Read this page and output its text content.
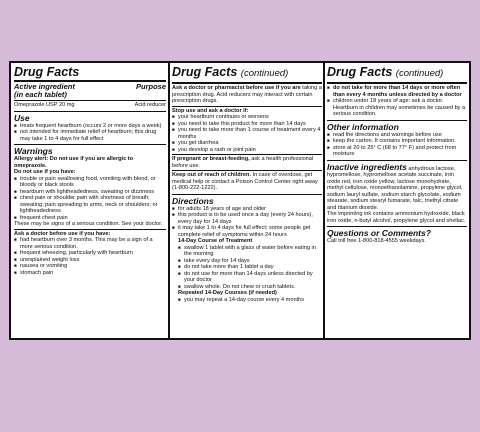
Drug Facts
Active ingredient	Purpose
(in each tablet)
Omeprazole USP 20 mg	Acid reducer
Use
■ treats frequent heartburn (occurs 2 or more days a week)
■ not intended for immediate relief of heartburn; this drug may take 1 to 4 days for full effect
Warnings
Allergy alert: Do not use if you are allergic to omeprazole.
Do not use if you have:
■ trouble or pain swallowing food, vomiting with blood, or bloody or black stools
■ heartburn with lightheadedness, sweating or dizziness
■ chest pain or shoulder pain with shortness of breath; sweating; pain spreading to arms, neck or shoulders; or lightheadedness
■ frequent chest pain
These may be signs of a serious condition. See your doctor.
Ask a doctor before use if you have:
■ had heartburn over 3 months. This may be a sign of a more serious condition.
■ frequent wheezing, particularly with heartburn
■ unexplained weight loss
■ nausea or vomiting
■ stomach pain
Drug Facts (continued)
Ask a doctor or pharmacist before use if you are taking a prescription drug. Acid reducers may interact with certain prescription drugs.
Stop use and ask a doctor if:
■ your heartburn continues or worsens
■ you need to take this product for more than 14 days
■ you need to take more than 1 course of treatment every 4 months
■ you get diarrhea
■ you develop a rash or joint pain
If pregnant or breast-feeding, ask a health professional before use.
Keep out of reach of children. In case of overdose, get medical help or contact a Poison Control Center right away (1-800-222-1222).
Directions
■ for adults 18 years of age and older
■ this product is to be used once a day (every 24 hours), every day for 14 days
■ it may take 1 to 4 days for full effect; some people get complete relief of symptoms within 24 hours
14-Day Course of Treatment
■ swallow 1 tablet with a glass of water before eating in the morning
■ take every day for 14 days
■ do not take more than 1 tablet a day
■ do not use for more than 14 days unless directed by your doctor
■ swallow whole. Do not chew or crush tablets.
Repeated 14-Day Courses (if needed)
■ you may repeat a 14-day course every 4 months
Drug Facts (continued)
■ do not take for more than 14 days or more often than every 4 months unless directed by a doctor
■ children under 18 years of age: ask a doctor. Heartburn in children may sometimes be caused by a serious condition.
Other information
■ read the directions and warnings before use
■ keep the carton. It contains important information.
■ store at 20 to 25° C (68 to 77° F) and protect from moisture
Inactive ingredients anhydrous lactose, hypromellose, hypromellose acetate succinate, iron oxide red, iron oxide yellow, lactose monohydrate, methyl cellulose, monoethanolamine, propylene glycol, sodium lauryl sulfate, sodium starch glycolate, sodium stearate, sodium stearyl fumarate, talc, triethyl citrate and titanium dioxide.
The imprinting ink contains ammonium hydroxide, black iron oxide, n-butyl alcohol, propylene glycol and shellac.
Questions or Comments?
Call toll free 1-800-818-4555 weekdays.
